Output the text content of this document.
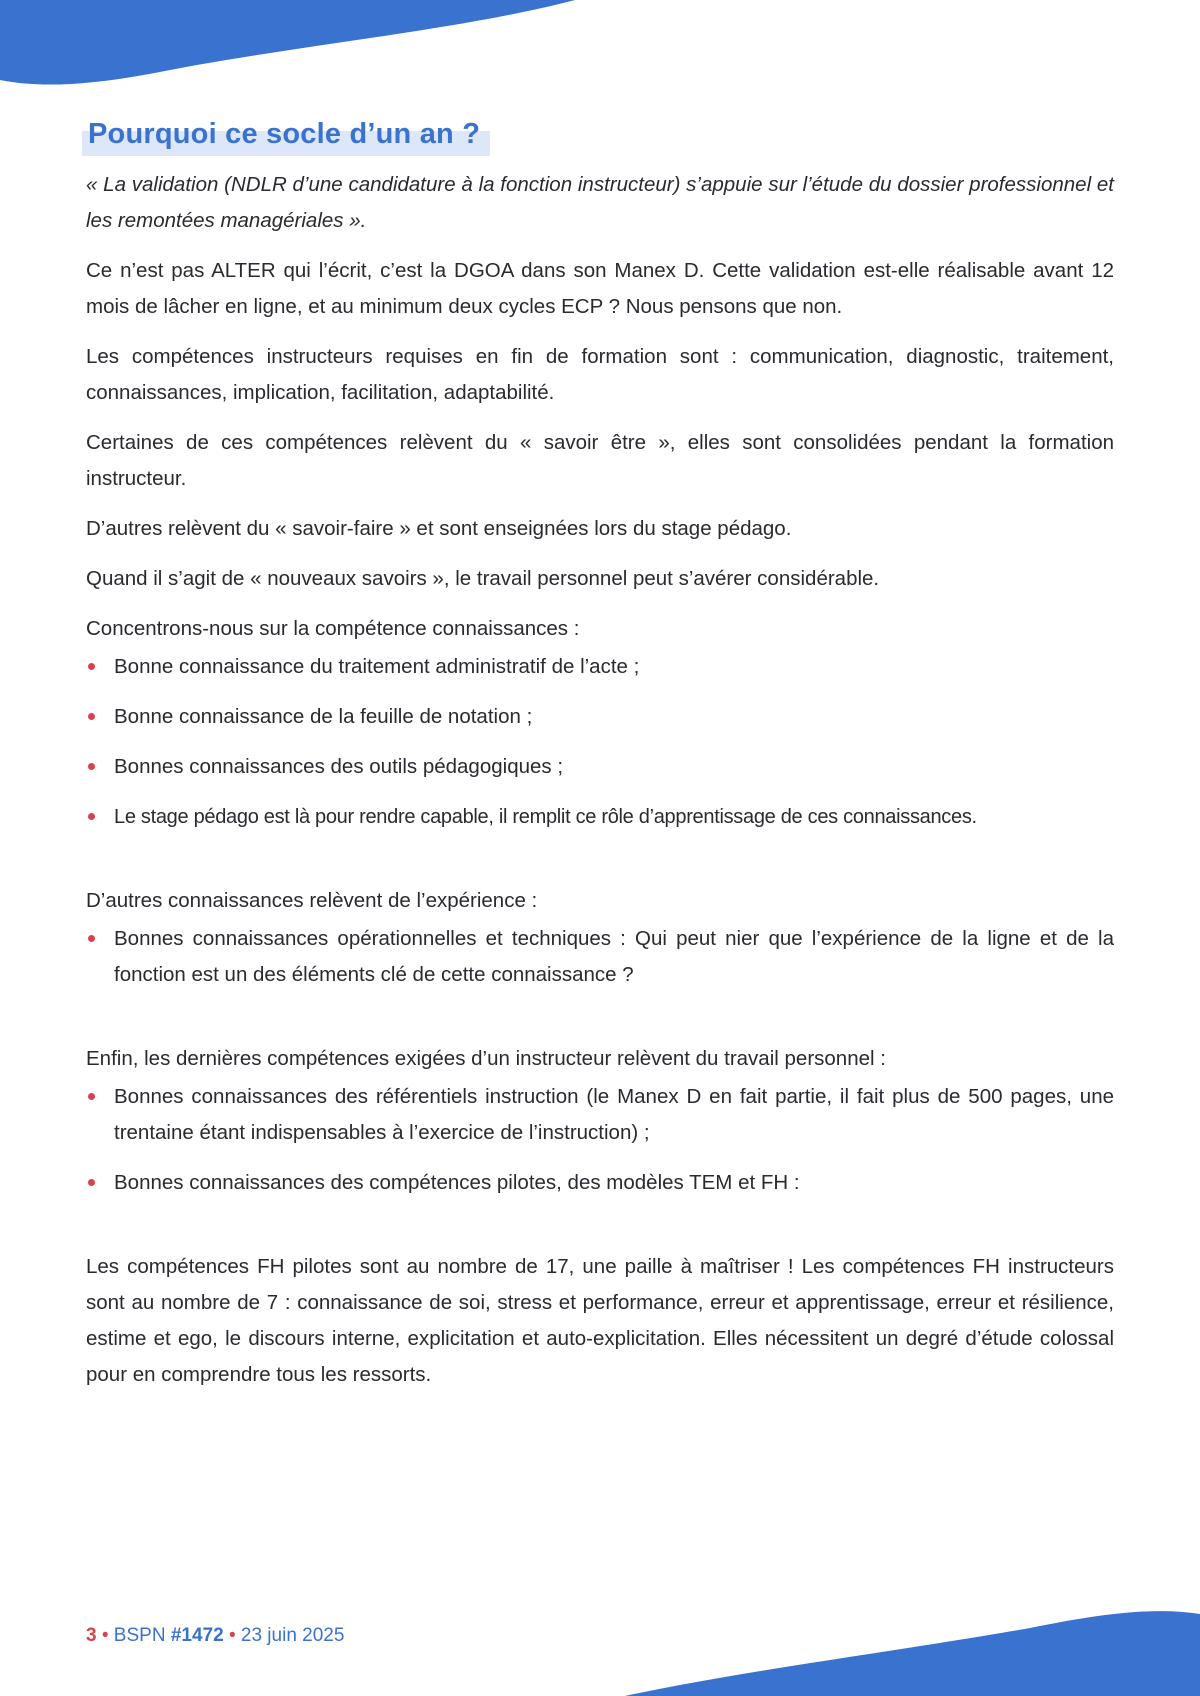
Pourquoi ce socle d’un an ?

« La validation (NDLR d’une candidature à la fonction instructeur) s’appuie sur l’étude du dossier professionnel et les remontées managériales ».

Ce n’est pas ALTER qui l’écrit, c’est la DGOA dans son Manex D. Cette validation est-elle réalisable avant 12 mois de lâcher en ligne, et au minimum deux cycles ECP ? Nous pensons que non.

Les compétences instructeurs requises en fin de formation sont : communication, diagnostic, traitement, connaissances, implication, facilitation, adaptabilité.

Certaines de ces compétences relèvent du « savoir être », elles sont consolidées pendant la formation instructeur.

D’autres relèvent du « savoir-faire » et sont enseignées lors du stage pédago.

Quand il s’agit de « nouveaux savoirs », le travail personnel peut s’avérer considérable.

Concentrons-nous sur la compétence connaissances :

Bonne connaissance du traitement administratif de l’acte ;
Bonne connaissance de la feuille de notation ;
Bonnes connaissances des outils pédagogiques ;
Le stage pédago est là pour rendre capable, il remplit ce rôle d’apprentissage de ces connaissances.

D’autres connaissances relèvent de l’expérience :

Bonnes connaissances opérationnelles et techniques : Qui peut nier que l’expérience de la ligne et de la fonction est un des éléments clé de cette connaissance ?

Enfin, les dernières compétences exigées d’un instructeur relèvent du travail personnel :

Bonnes connaissances des référentiels instruction (le Manex D en fait partie, il fait plus de 500 pages, une trentaine étant indispensables à l’exercice de l’instruction) ;
Bonnes connaissances des compétences pilotes, des modèles TEM et FH :

Les compétences FH pilotes sont au nombre de 17, une paille à maîtriser ! Les compétences FH instructeurs sont au nombre de 7 : connaissance de soi, stress et performance, erreur et apprentissage, erreur et résilience, estime et ego, le discours interne, explicitation et auto-explicitation. Elles nécessitent un degré d’étude colossal pour en comprendre tous les ressorts.

3 • BSPN #1472 • 23 juin 2025
